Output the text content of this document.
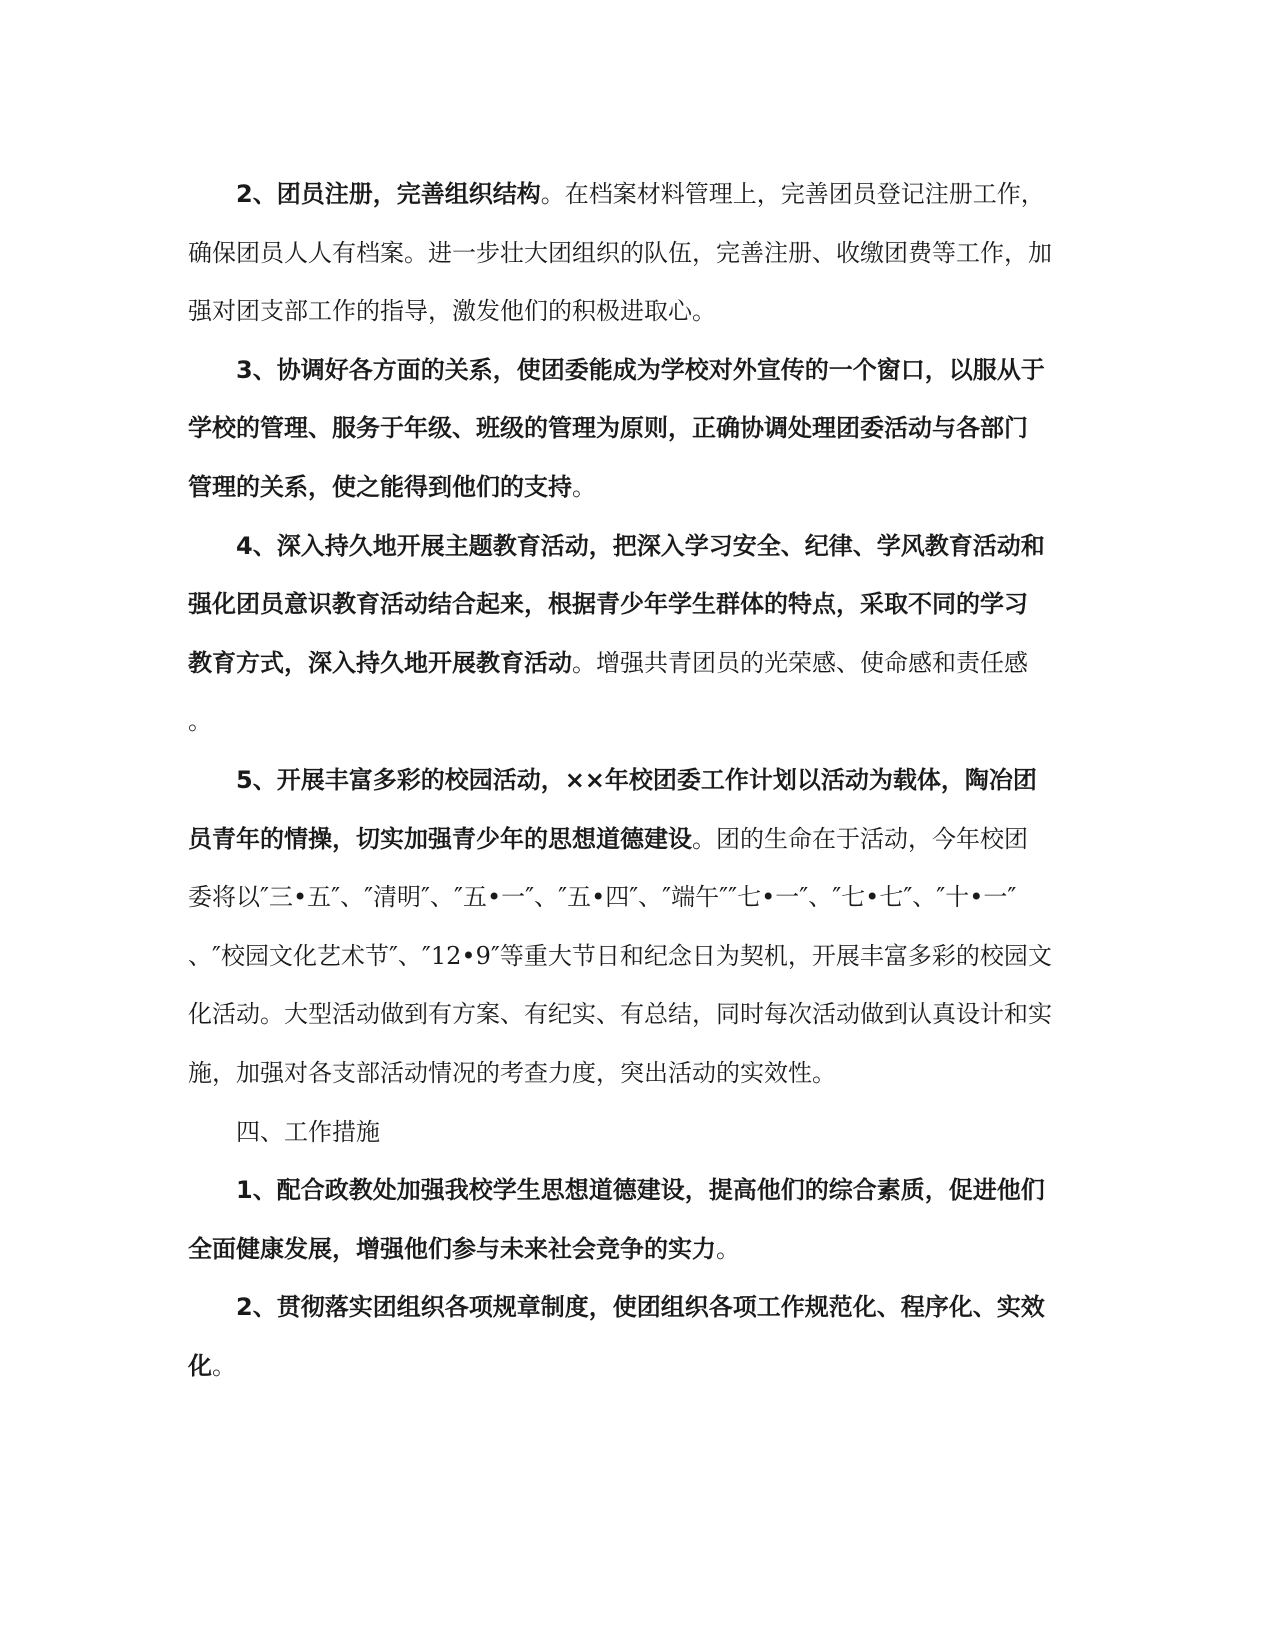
2、团员注册，完善组织结构。在档案材料管理上，完善团员登记注册工作，
确保团员人人有档案。进一步壮大团组织的队伍，完善注册、收缴团费等工作，加
强对团支部工作的指导，激发他们的积极进取心。
3、协调好各方面的关系，使团委能成为学校对外宣传的一个窗口，以服从于
学校的管理、服务于年级、班级的管理为原则，正确协调处理团委活动与各部门
管理的关系，使之能得到他们的支持。
4、深入持久地开展主题教育活动，把深入学习安全、纪律、学风教育活动和
强化团员意识教育活动结合起来，根据青少年学生群体的特点，采取不同的学习
教育方式，深入持久地开展教育活动。增强共青团员的光荣感、使命感和责任感
。
5、开展丰富多彩的校园活动，××年校团委工作计划以活动为载体，陶冶团
员青年的情操，切实加强青少年的思想道德建设。团的生命在于活动，今年校团
委将以″三•五″、″清明″、″五•一″、″五•四″、″端午″″七•一″、″七•七″、″十•一″
、″校园文化艺术节″、″12•9″等重大节日和纪念日为契机，开展丰富多彩的校园文
化活动。大型活动做到有方案、有纪实、有总结，同时每次活动做到认真设计和实
施，加强对各支部活动情况的考查力度，突出活动的实效性。
四、工作措施
1、配合政教处加强我校学生思想道德建设，提高他们的综合素质，促进他们
全面健康发展，增强他们参与未来社会竞争的实力。
2、贯彻落实团组织各项规章制度，使团组织各项工作规范化、程序化、实效
化。
